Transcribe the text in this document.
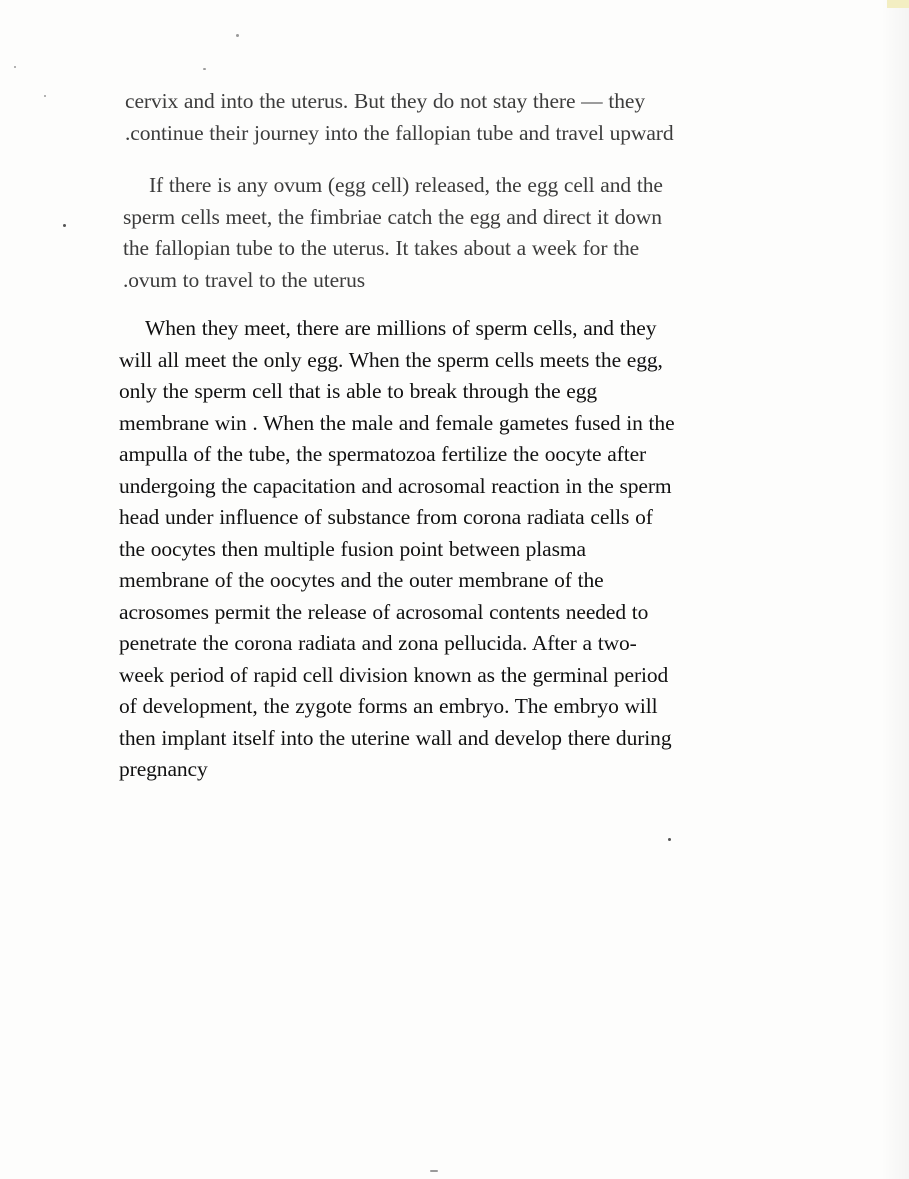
cervix and into the uterus. But they do not stay there — they
.continue their journey into the fallopian tube and travel upward
If there is any ovum (egg cell) released, the egg cell and the
sperm cells meet, the fimbriae catch the egg and direct it down
the fallopian tube to the uterus. It takes about a week for the
.ovum to travel to the uterus
When they meet, there are millions of sperm cells, and they
will all meet the only egg. When the sperm cells meets the egg,
only the sperm cell that is able to break through the egg
membrane win . When the male and female gametes fused in the
ampulla of the tube, the spermatozoa fertilize the oocyte after
undergoing the capacitation and acrosomal reaction in the sperm
head under influence of substance from corona radiata cells of
the oocytes then multiple fusion point between plasma
membrane of the oocytes and the outer membrane of the
acrosomes permit the release of acrosomal contents needed to
penetrate the corona radiata and zona pellucida. After a two-
week period of rapid cell division known as the germinal period
of development, the zygote forms an embryo. The embryo will
then implant itself into the uterine wall and develop there during
pregnancy
